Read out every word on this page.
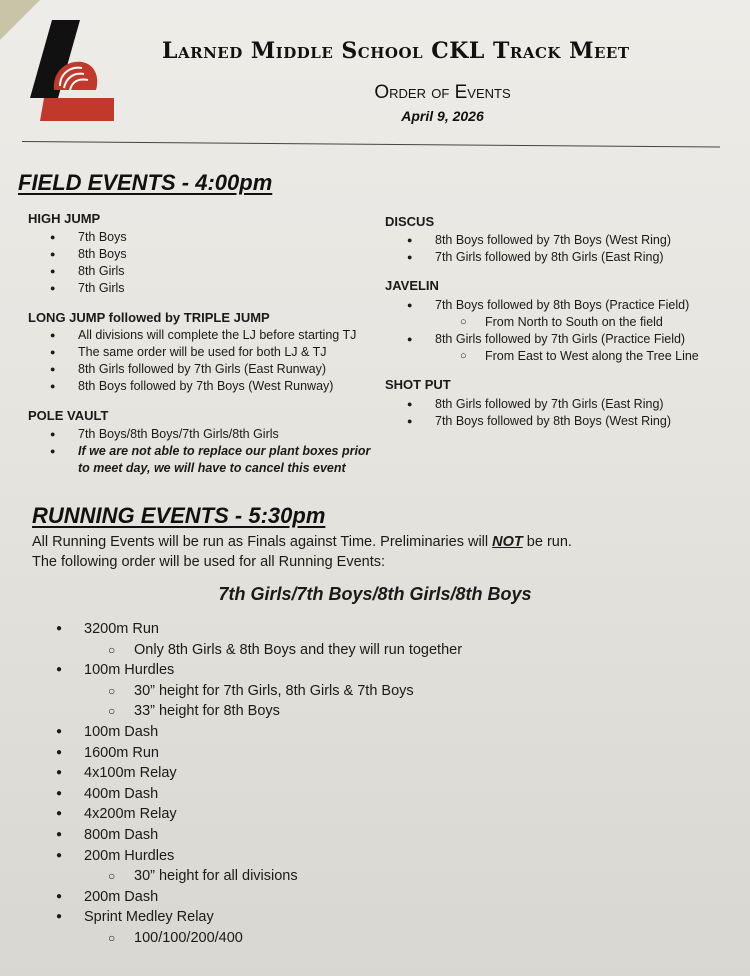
Larned Middle School CKL Track Meet
Order of Events
April 9, 2026
FIELD EVENTS - 4:00pm

HIGH JUMP

● 7th Boys
● 8th Boys
● 8th Girls
● 7th Girls

LONG JUMP followed by TRIPLE JUMP

● All divisions will complete the LJ before starting TJ
● The same order will be used for both LJ & TJ
● 8th Girls followed by 7th Girls (East Runway)
● 8th Boys followed by 7th Boys (West Runway)

POLE VAULT

● 7th Boys/8th Boys/7th Girls/8th Girls
● If we are not able to replace our plant boxes prior
to meet day, we will have to cancel this event

DISCUS

● 8th Boys followed by 7th Boys (West Ring)
● 7th Girls followed by 8th Girls (East Ring)

JAVELIN

● 7th Boys followed by 8th Boys (Practice Field)
○ From North to South on the field
● 8th Girls followed by 7th Girls (Practice Field)
○ From East to West along the Tree Line

SHOT PUT

● 8th Girls followed by 7th Girls (East Ring)
● 7th Boys followed by 8th Boys (West Ring)
RUNNING EVENTS - 5:30pm
All Running Events will be run as Finals against Time. Preliminaries will NOT be run.
The following order will be used for all Running Events:
7th Girls/7th Boys/8th Girls/8th Boys
● 3200m Run
○ Only 8th Girls & 8th Boys and they will run together
● 100m Hurdles
○ 30” height for 7th Girls, 8th Girls & 7th Boys
○ 33” height for 8th Boys
● 100m Dash
● 1600m Run
● 4x100m Relay
● 400m Dash
● 4x200m Relay
● 800m Dash
● 200m Hurdles
○ 30” height for all divisions
● 200m Dash
● Sprint Medley Relay
○ 100/100/200/400
